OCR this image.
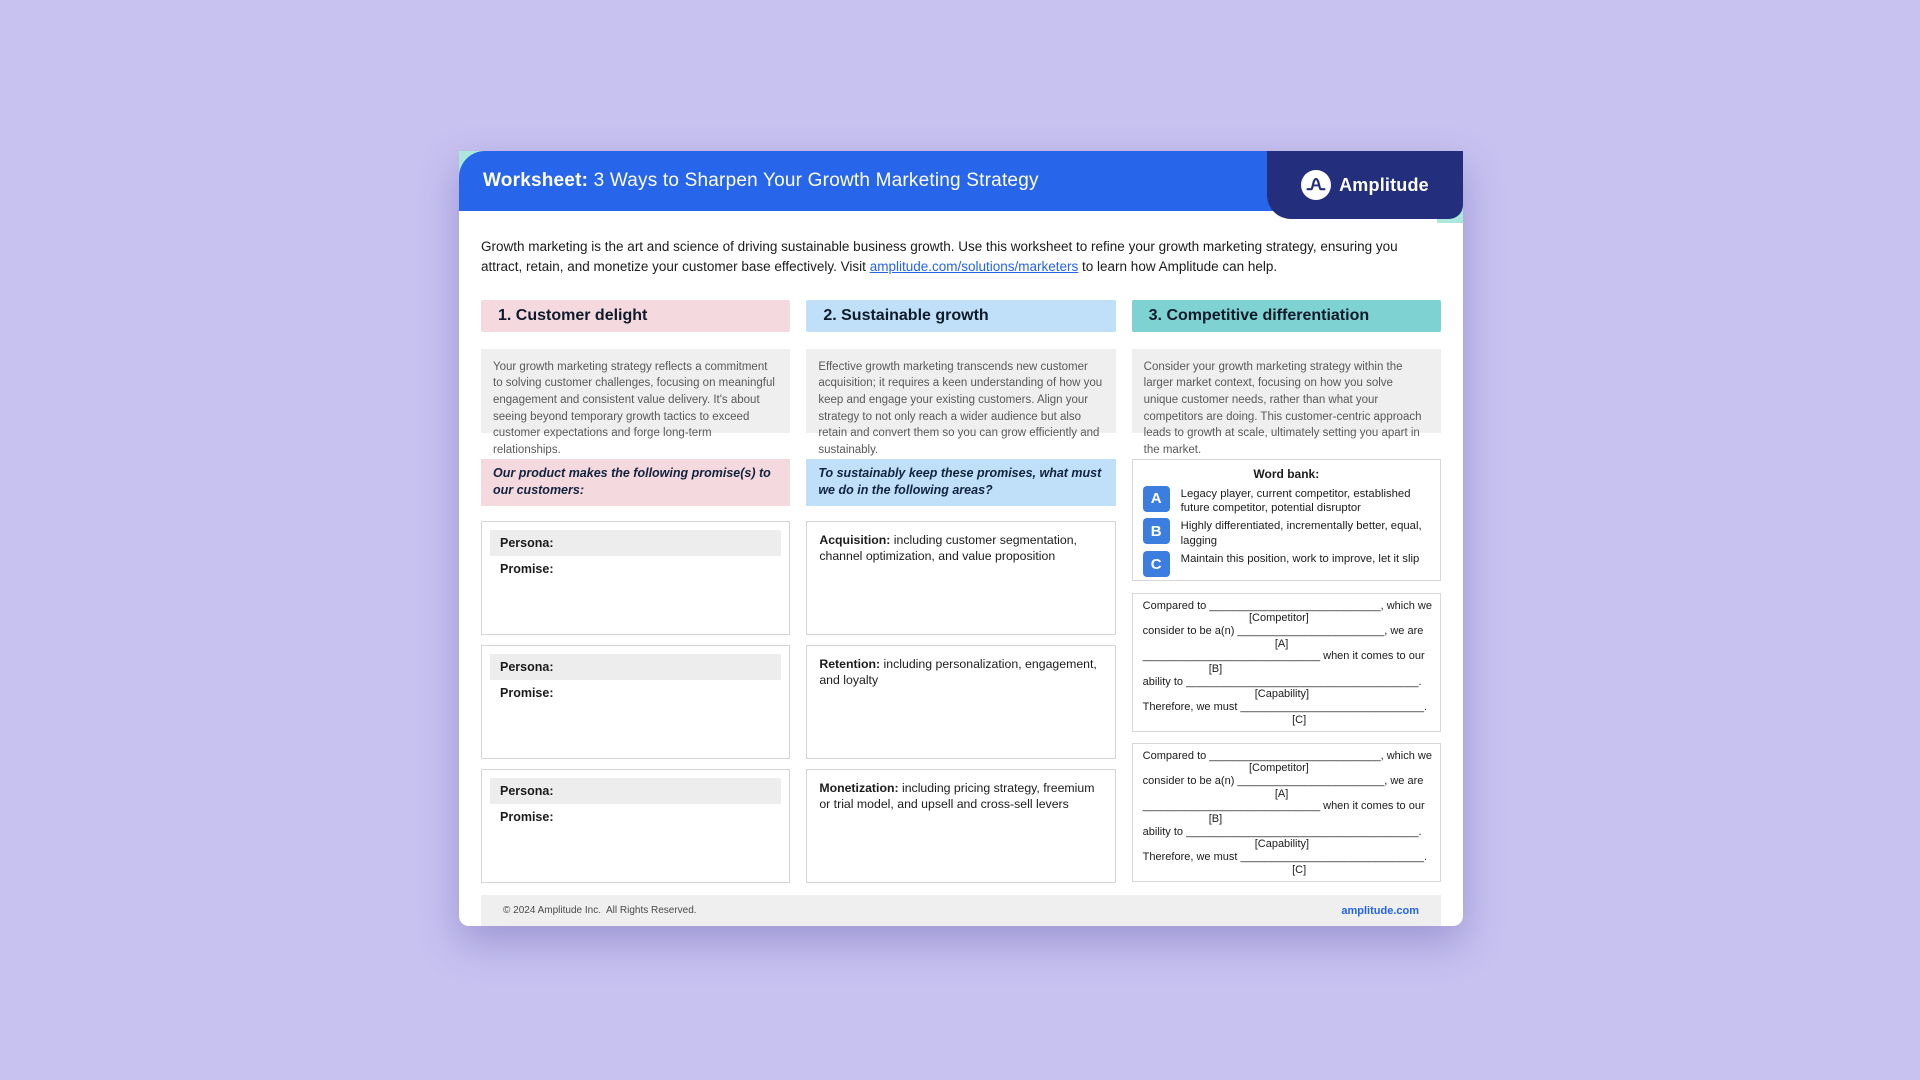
Worksheet: 3 Ways to Sharpen Your Growth Marketing Strategy	Amplitude
Growth marketing is the art and science of driving sustainable business growth. Use this worksheet to refine your growth marketing strategy, ensuring you attract, retain, and monetize your customer base effectively. Visit amplitude.com/solutions/marketers to learn how Amplitude can help.
1. Customer delight
Your growth marketing strategy reflects a commitment to solving customer challenges, focusing on meaningful engagement and consistent value delivery. It's about seeing beyond temporary growth tactics to exceed customer expectations and forge long-term relationships.
Our product makes the following promise(s) to our customers:
Persona:
Promise:
Persona:
Promise:
Persona:
Promise:
2. Sustainable growth
Effective growth marketing transcends new customer acquisition; it requires a keen understanding of how you keep and engage your existing customers. Align your strategy to not only reach a wider audience but also retain and convert them so you can grow efficiently and sustainably.
To sustainably keep these promises, what must we do in the following areas?
Acquisition: including customer segmentation, channel optimization, and value proposition
Retention: including personalization, engagement, and loyalty
Monetization: including pricing strategy, freemium or trial model, and upsell and cross-sell levers
3. Competitive differentiation
Consider your growth marketing strategy within the larger market context, focusing on how you solve unique customer needs, rather than what your competitors are doing. This customer-centric approach leads to growth at scale, ultimately setting you apart in the market.
Word bank:
A	Legacy player, current competitor, established future competitor, potential disruptor
B	Highly differentiated, incrementally better, equal, lagging
C	Maintain this position, work to improve, let it slip
Compared to ____________________________, which we
[Competitor]
consider to be a(n) ________________________, we are
[A]
_____________________________ when it comes to our
[B]
ability to ______________________________________.
[Capability]
Therefore, we must ______________________________.
[C]
Compared to ____________________________, which we
[Competitor]
consider to be a(n) ________________________, we are
[A]
_____________________________ when it comes to our
[B]
ability to ______________________________________.
[Capability]
Therefore, we must ______________________________.
[C]
© 2024 Amplitude Inc.  All Rights Reserved.	amplitude.com
